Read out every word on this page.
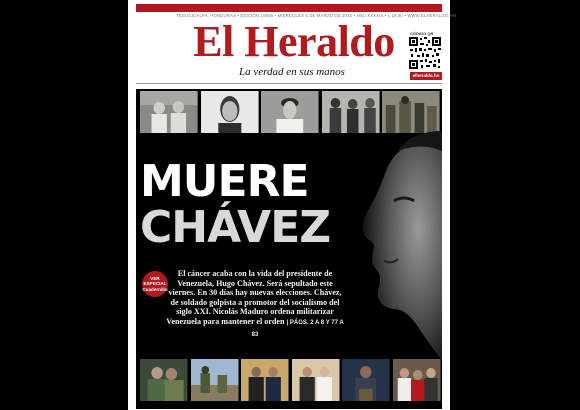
TEGUCIGALPA, HONDURAS • EDICIÓN 15556 • MIÉRCOLES 6 DE MARZO DE 2013 • AÑO XXXXIII • L 15.00 • WWW.ELHERALDO.HN
El Heraldo
La verdad en sus manos
CÓDIGO QR
elheraldo.hn
MUERE
CHÁVEZ
VER
ESPECIAL
Cuadernillo
El cáncer acaba con la vida del presidente de Venezuela, Hugo Chávez. Será sepultado este viernes. En 30 días hay nuevas elecciones. Chávez, de soldado golpista a promotor del socialismo del siglo XXI. Nicolás Maduro ordena militarizar Venezuela para mantener el orden | PÁGS. 2 A 8 Y 77 A 83
